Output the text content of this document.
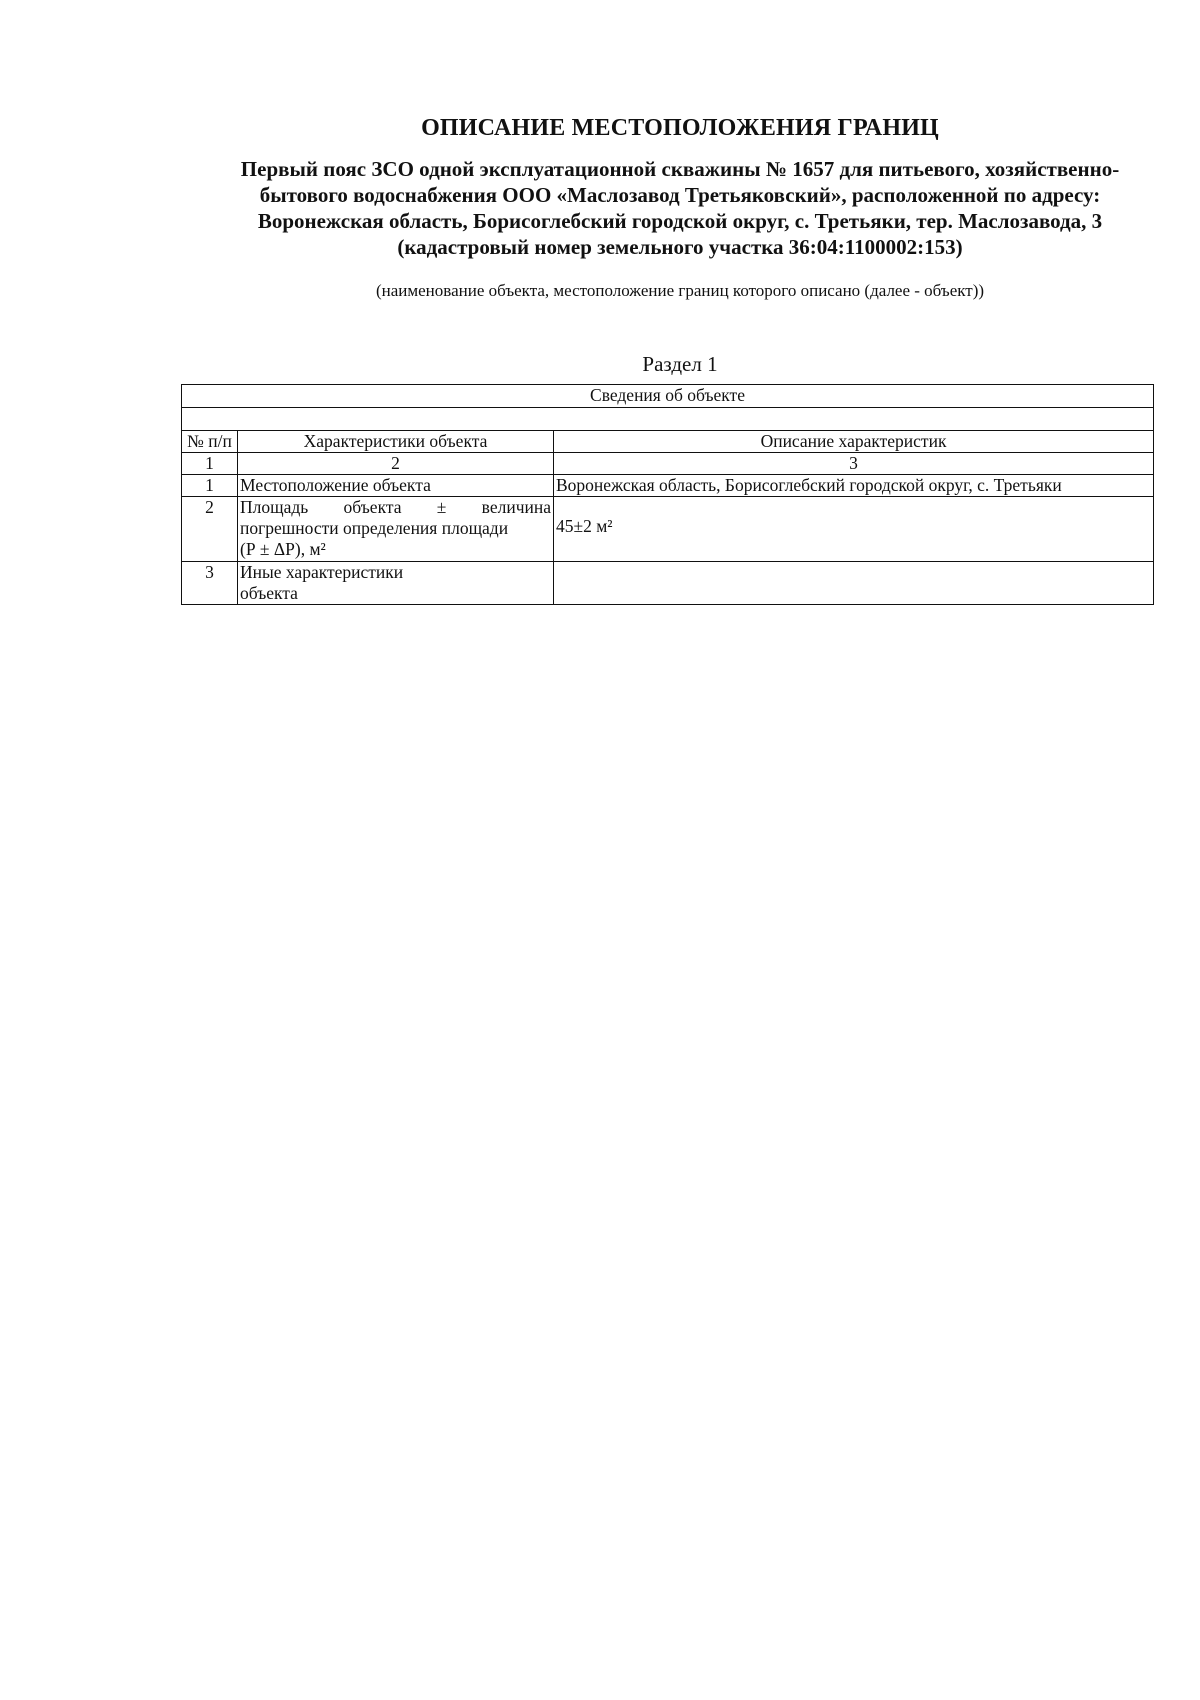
ОПИСАНИЕ МЕСТОПОЛОЖЕНИЯ ГРАНИЦ
Первый пояс ЗСО одной эксплуатационной скважины № 1657 для питьевого, хозяйственно-
бытового водоснабжения ООО «Маслозавод Третьяковский», расположенной по адресу:
Воронежская область, Борисоглебский городской округ, с. Третьяки, тер. Маслозавода, 3
(кадастровый номер земельного участка 36:04:1100002:153)
(наименование объекта, местоположение границ которого описано (далее - объект))
Раздел 1
Сведения об объекте		

№ п/п	Характеристики объекта	Описание характеристик
1	2	3
1	Местоположение объекта	Воронежская область, Борисоглебский городской округ, с. Третьяки
2	Площадь объекта ± величина
погрешности определения площади
(Р ± ΔР), м²	45±2 м²
3	Иные характеристики
объекта	
